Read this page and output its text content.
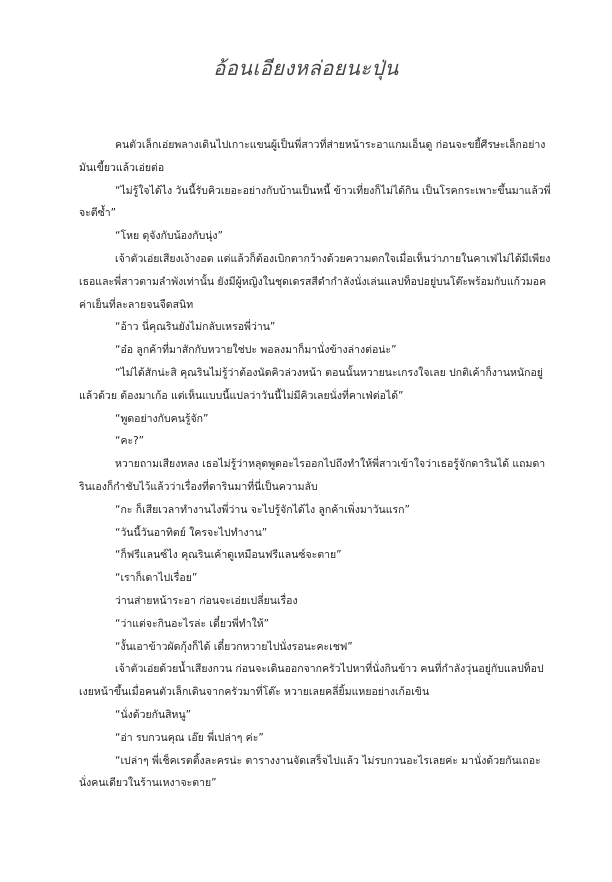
อ้อนเอียงหล่อยนะปุ่น

คนตัวเล็กเอ่ยพลางเดินไปเกาะแขนผู้เป็นพี่สาวที่ส่ายหน้าระอาแกมเอ็นดู ก่อนจะขยี้ศีรษะเล็กอย่างมันเขี้ยวแล้วเอ่ยต่อ

“ไม่รู้ใจได้ไง วันนี้รับคิวเยอะอย่างกับบ้านเป็นหนี้ ข้าวเที่ยงก็ไม่ได้กิน เป็นโรคกระเพาะขึ้นมาแล้วพี่จะตีซ้ำ”

“โหย ดุจังกับน้องกับนุ่ง”

เจ้าตัวเอ่ยเสียงเง้างอด แต่แล้วก็ต้องเบิกตากว้างด้วยความตกใจเมื่อเห็นว่าภายในคาเฟ่ไม่ได้มีเพียงเธอและพี่สาวตามลำพังเท่านั้น ยังมีผู้หญิงในชุดเดรสสีดำกำลังนั่งเล่นแลปท็อปอยู่บนโต๊ะพร้อมกับแก้วมอคค่าเย็นที่ละลายจนจืดสนิท

“อ้าว นี่คุณรินยังไม่กลับเหรอพี่ว่าน”

“อ๋อ ลูกค้าที่มาสักกับหวายใช่ปะ พอลงมาก็มานั่งข้างล่างต่อน่ะ”

“ไม่ได้สักน่ะสิ คุณรินไม่รู้ว่าต้องนัดคิวล่วงหน้า ตอนนั้นหวายนะเกรงใจเลย ปกติเค้าก็งานหนักอยู่แล้วด้วย ต้องมาเก้อ แต่เห็นแบบนี้แปลว่าวันนี้ไม่มีคิวเลยนั่งที่คาเฟ่ต่อได้”

“พูดอย่างกับคนรู้จัก”

“คะ?”

หวายถามเสียงหลง เธอไม่รู้ว่าหลุดพูดอะไรออกไปถึงทำให้พี่สาวเข้าใจว่าเธอรู้จักดารินได้ แถมดารินเองก็กำชับไว้แล้วว่าเรื่องที่ดารินมาที่นี่เป็นความลับ

“กะ ก็เสียเวลาทำงานไงพี่ว่าน จะไปรู้จักได้ไง ลูกค้าเพิ่งมาวันแรก”

“วันนี้วันอาทิตย์ ใครจะไปทำงาน”

“ก็ฟรีแลนซ์ไง คุณรินเค้าดูเหมือนฟรีแลนซ์จะตาย”

“เราก็เดาไปเรื่อย”

ว่านส่ายหน้าระอา ก่อนจะเอ่ยเปลี่ยนเรื่อง

“ว่าแต่จะกินอะไรล่ะ เดี๋ยวพี่ทำให้”

“งั้นเอาข้าวผัดกุ้งก็ได้ เดี๋ยวกหวายไปนั่งรอนะคะเชฟ”

เจ้าตัวเอ่ยด้วยน้ำเสียงกวน ก่อนจะเดินออกจากครัวไปหาที่นั่งกินข้าว คนที่กำลังวุ่นอยู่กับแลปท็อปเงยหน้าขึ้นเมื่อคนตัวเล็กเดินจากครัวมาที่โต๊ะ หวายเลยคลี่ยิ้มแหยอย่างเก้อเขิน

“นั่งด้วยกันสิหนู”

“อ่า รบกวนคุณ เอ๊ย พี่เปล่าๆ ค่ะ”

“เปล่าๆ พี่เช็คเรตติ้งละครน่ะ ตารางงานจัดเสร็จไปแล้ว ไม่รบกวนอะไรเลยค่ะ มานั่งด้วยกันเถอะ นั่งคนเดียวในร้านเหงาจะตาย”
